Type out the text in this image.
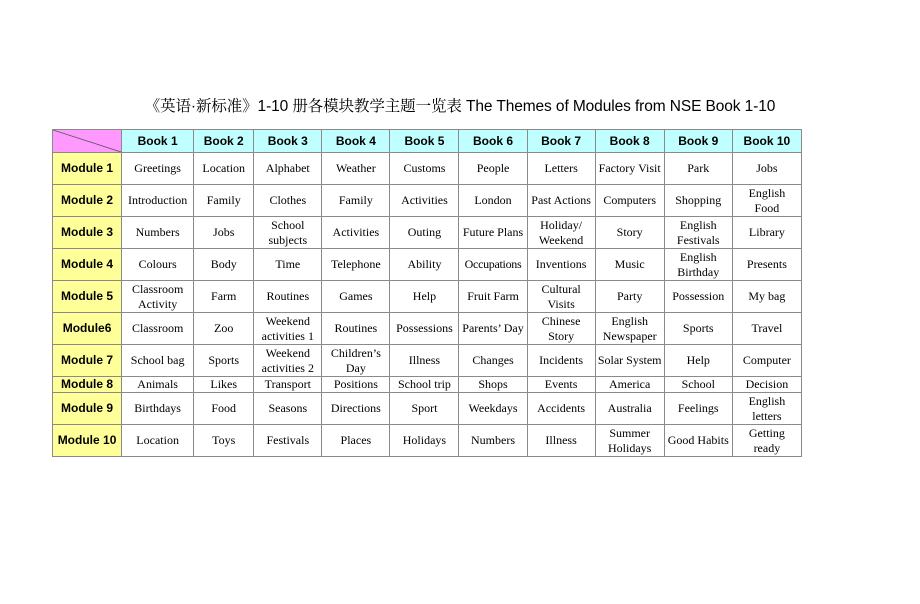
《英语·新标准》1-10 册各模块教学主题一览表 The Themes of Modules from NSE Book 1-10
	Book 1	Book 2	Book 3	Book 4	Book 5	Book 6	Book 7	Book 8	Book 9	Book 10
Module 1	Greetings	Location	Alphabet	Weather	Customs	People	Letters	Factory Visit	Park	Jobs
Module 2	Introduction	Family	Clothes	Family	Activities	London	Past Actions	Computers	Shopping	English Food
Module 3	Numbers	Jobs	School subjects	Activities	Outing	Future Plans	Holiday/ Weekend	Story	English Festivals	Library
Module 4	Colours	Body	Time	Telephone	Ability	Occupations	Inventions	Music	English Birthday	Presents
Module 5	Classroom Activity	Farm	Routines	Games	Help	Fruit Farm	Cultural Visits	Party	Possession	My bag
Module6	Classroom	Zoo	Weekend activities 1	Routines	Possessions	Parents’ Day	Chinese Story	English Newspaper	Sports	Travel
Module 7	School bag	Sports	Weekend activities 2	Children’s Day	Illness	Changes	Incidents	Solar System	Help	Computer
Module 8	Animals	Likes	Transport	Positions	School trip	Shops	Events	America	School	Decision
Module 9	Birthdays	Food	Seasons	Directions	Sport	Weekdays	Accidents	Australia	Feelings	English letters
Module 10	Location	Toys	Festivals	Places	Holidays	Numbers	Illness	Summer Holidays	Good Habits	Getting ready
